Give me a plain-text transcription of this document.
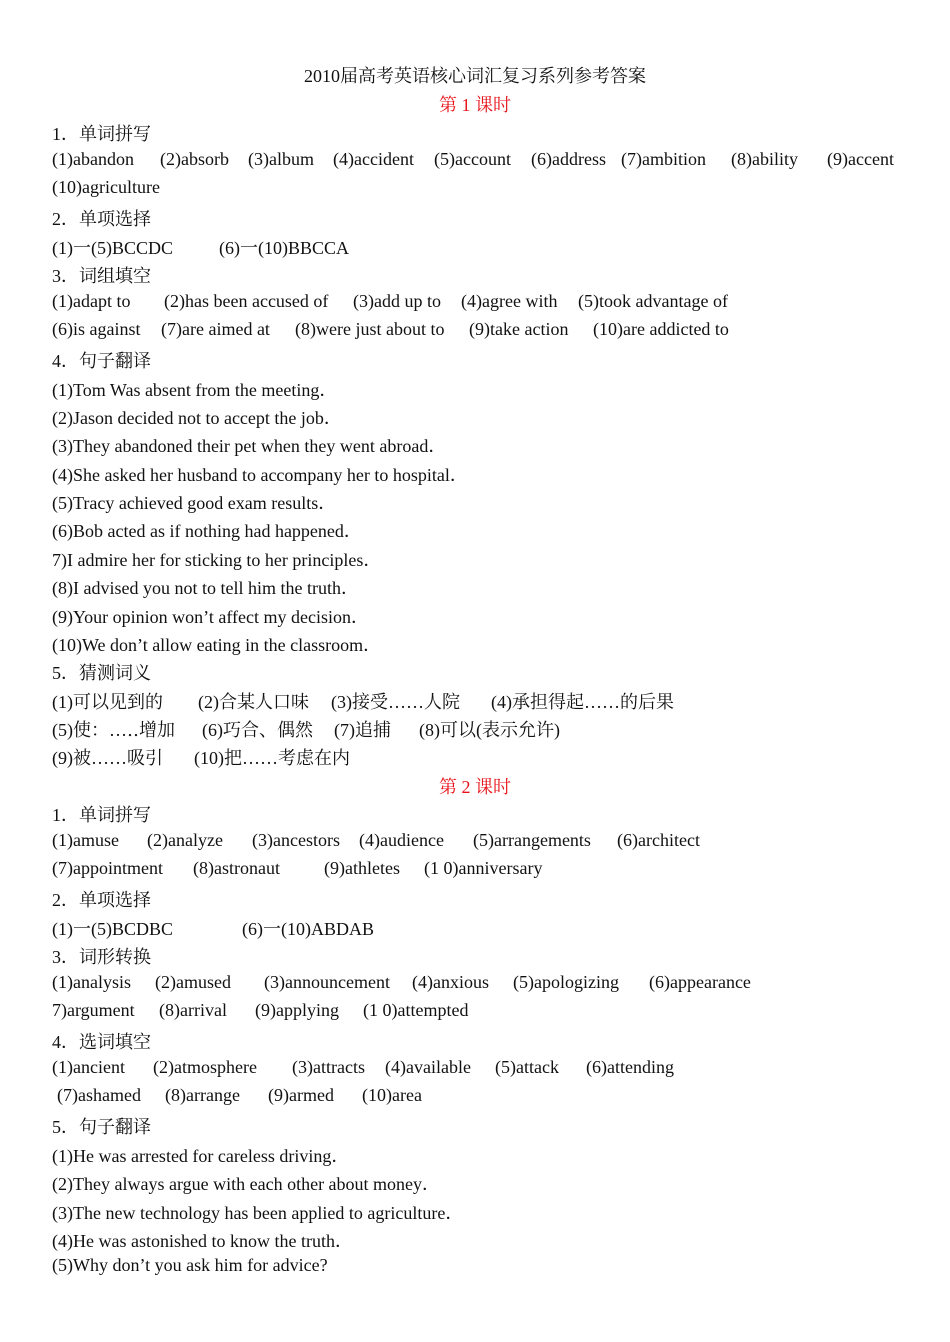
2010届高考英语核心词汇复习系列参考答案
第 1 课时
1．单词拼写
(1)abandon (2)absorb (3)album (4)accident (5)account (6)address (7)ambition (8)ability (9)accent
(10)agriculture
2．单项选择
(1)一(5)BCCDC	(6)一(10)BBCCA
3．词组填空
(1)adapt to (2)has been accused of (3)add up to (4)agree with (5)took advantage of
(6)is against (7)are aimed at (8)were just about to (9)take action (10)are addicted to
4．句子翻译
(1)Tom Was absent from the meeting．
(2)Jason decided not to accept the job．
(3)They abandoned their pet when they went abroad．
(4)She asked her husband to accompany her to hospital．
(5)Tracy achieved good exam results．
(6)Bob acted as if nothing had happened．
7)I admire her for sticking to her principles．
(8)I advised you not to tell him the truth．
(9)Your opinion won’t affect my decision．
(10)We don’t allow eating in the classroom．
5．猜测词义
(1)可以见到的 (2)合某人口味 (3)接受……人院 (4)承担得起……的后果
(5)使：…‥增加 (6)巧合、偶然 (7)追捕 (8)可以(表示允许)
(9)被……吸引 (10)把……考虑在内
第 2 课时
1．单词拼写
(1)amuse (2)analyze (3)ancestors (4)audience (5)arrangements (6)architect
(7)appointment (8)astronaut (9)athletes (1 0)anniversary
2．单项选择
(1)一(5)BCDBC	(6)一(10)ABDAB
3．词形转换
(1)analysis (2)amused (3)announcement (4)anxious (5)apologizing (6)appearance
7)argument (8)arrival (9)applying (1 0)attempted
4．选词填空
(1)ancient (2)atmosphere (3)attracts (4)available (5)attack (6)attending
(7)ashamed (8)arrange (9)armed (10)area
5．句子翻译
(1)He was arrested for careless driving．
(2)They always argue with each other about money．
(3)The new technology has been applied to agriculture．
(4)He was astonished to know the truth．
(5)Why don’t you ask him for advice?
